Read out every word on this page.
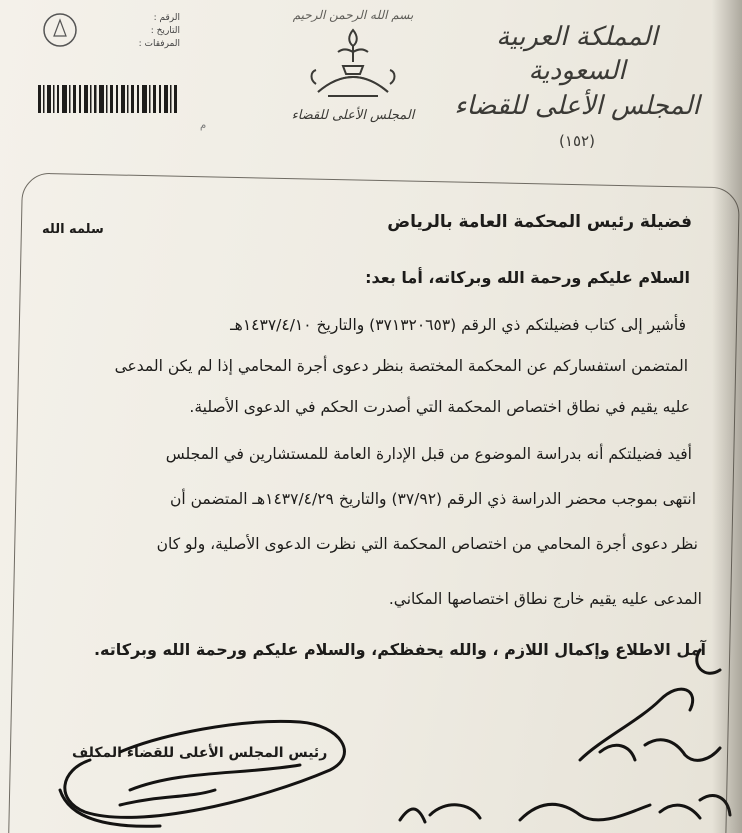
المملكة العربية السعودية
المجلس الأعلى للقضاء
(١٥٢)
بسم الله الرحمن الرحيم
المجلس الأعلى للقضاء
الرقم :
التاريخ :
المرفقات :
م
فضيلة رئيس المحكمة العامة بالرياض
سلمه الله
السلام عليكم ورحمة الله وبركاته، أما بعد:
فأشير إلى كتاب فضيلتكم ذي الرقم (٣٧١٣٢٠٦٥٣) والتاريخ ١٤٣٧/٤/١٠هـ
المتضمن استفساركم عن المحكمة المختصة بنظر دعوى أجرة المحامي إذا لم يكن المدعى
عليه يقيم في نطاق اختصاص المحكمة التي أصدرت الحكم في الدعوى الأصلية.
أفيد فضيلتكم أنه بدراسة الموضوع من قبل الإدارة العامة للمستشارين في المجلس
انتهى بموجب محضر الدراسة ذي الرقم (٣٧/٩٢) والتاريخ ١٤٣٧/٤/٢٩هـ المتضمن أن
نظر دعوى أجرة المحامي من اختصاص المحكمة التي نظرت الدعوى الأصلية، ولو كان
المدعى عليه يقيم خارج نطاق اختصاصها المكاني.
آمل الاطلاع وإكمال اللازم ، والله يحفظكم، والسلام عليكم ورحمة الله وبركاته.
رئيس المجلس الأعلى للقضاء المكلف
